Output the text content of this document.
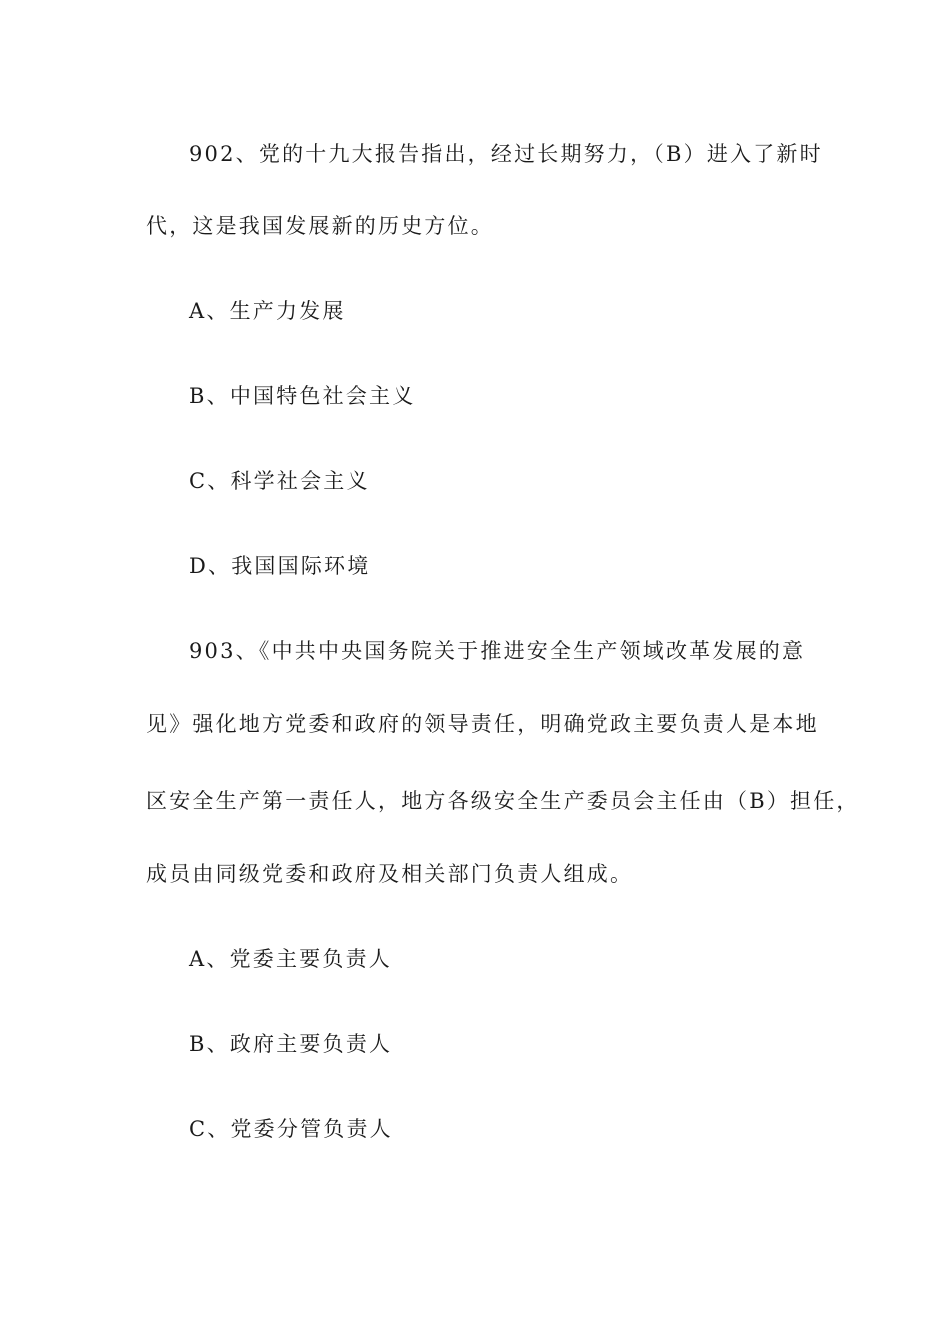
902、党的十九大报告指出，经过长期努力，（B）进入了新时
代，这是我国发展新的历史方位。
A、生产力发展
B、中国特色社会主义
C、科学社会主义
D、我国国际环境
903、《中共中央国务院关于推进安全生产领域改革发展的意
见》强化地方党委和政府的领导责任，明确党政主要负责人是本地
区安全生产第一责任人，地方各级安全生产委员会主任由（B）担任，
成员由同级党委和政府及相关部门负责人组成。
A、党委主要负责人
B、政府主要负责人
C、党委分管负责人
